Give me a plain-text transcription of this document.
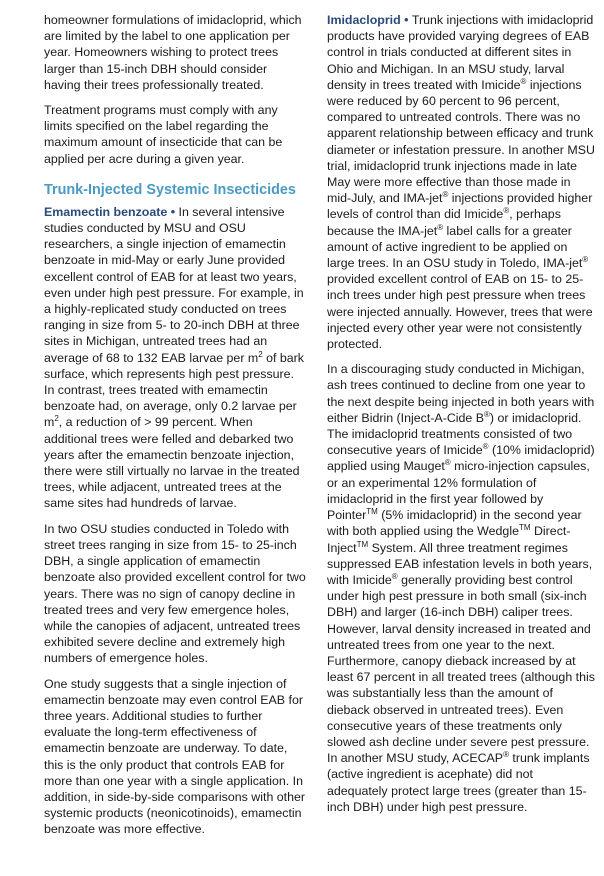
homeowner formulations of imidacloprid, which are limited by the label to one application per year. Homeowners wishing to protect trees larger than 15-inch DBH should consider having their trees professionally treated.

Treatment programs must comply with any limits specified on the label regarding the maximum amount of insecticide that can be applied per acre during a given year.

Trunk-Injected Systemic Insecticides

Emamectin benzoate • In several intensive studies conducted by MSU and OSU researchers, a single injection of emamectin benzoate in mid-May or early June provided excellent control of EAB for at least two years, even under high pest pressure. For example, in a highly-replicated study conducted on trees ranging in size from 5- to 20-inch DBH at three sites in Michigan, untreated trees had an average of 68 to 132 EAB larvae per $m^2$ of bark surface, which represents high pest pressure. In contrast, trees treated with emamectin benzoate had, on average, only 0.2 larvae per $m^2$, a reduction of > 99 percent. When additional trees were felled and debarked two years after the emamectin benzoate injection, there were still virtually no larvae in the treated trees, while adjacent, untreated trees at the same sites had hundreds of larvae.

In two OSU studies conducted in Toledo with street trees ranging in size from 15- to 25-inch DBH, a single application of emamectin benzoate also provided excellent control for two years. There was no sign of canopy decline in treated trees and very few emergence holes, while the canopies of adjacent, untreated trees exhibited severe decline and extremely high numbers of emergence holes.

One study suggests that a single injection of emamectin benzoate may even control EAB for three years. Additional studies to further evaluate the long-term effectiveness of emamectin benzoate are underway. To date, this is the only product that controls EAB for more than one year with a single application. In addition, in side-by-side comparisons with other systemic products (neonicotinoids), emamectin benzoate was more effective.

Imidacloprid • Trunk injections with imidacloprid products have provided varying degrees of EAB control in trials conducted at different sites in Ohio and Michigan. In an MSU study, larval density in trees treated with Imicide® injections were reduced by 60 percent to 96 percent, compared to untreated controls. There was no apparent relationship between efficacy and trunk diameter or infestation pressure. In another MSU trial, imidacloprid trunk injections made in late May were more effective than those made in mid-July, and IMA-jet® injections provided higher levels of control than did Imicide®, perhaps because the IMA-jet® label calls for a greater amount of active ingredient to be applied on large trees. In an OSU study in Toledo, IMA-jet® provided excellent control of EAB on 15- to 25-inch trees under high pest pressure when trees were injected annually. However, trees that were injected every other year were not consistently protected.

In a discouraging study conducted in Michigan, ash trees continued to decline from one year to the next despite being injected in both years with either Bidrin (Inject-A-Cide B®) or imidacloprid. The imidacloprid treatments consisted of two consecutive years of Imicide® (10% imidacloprid) applied using Mauget® micro-injection capsules, or an experimental 12% formulation of imidacloprid in the first year followed by Pointer™ (5% imidacloprid) in the second year with both applied using the Wedgle™ Direct-Inject™ System. All three treatment regimes suppressed EAB infestation levels in both years, with Imicide® generally providing best control under high pest pressure in both small (six-inch DBH) and larger (16-inch DBH) caliper trees. However, larval density increased in treated and untreated trees from one year to the next. Furthermore, canopy dieback increased by at least 67 percent in all treated trees (although this was substantially less than the amount of dieback observed in untreated trees). Even consecutive years of these treatments only slowed ash decline under severe pest pressure. In another MSU study, ACECAP® trunk implants (active ingredient is acephate) did not adequately protect large trees (greater than 15-inch DBH) under high pest pressure.
